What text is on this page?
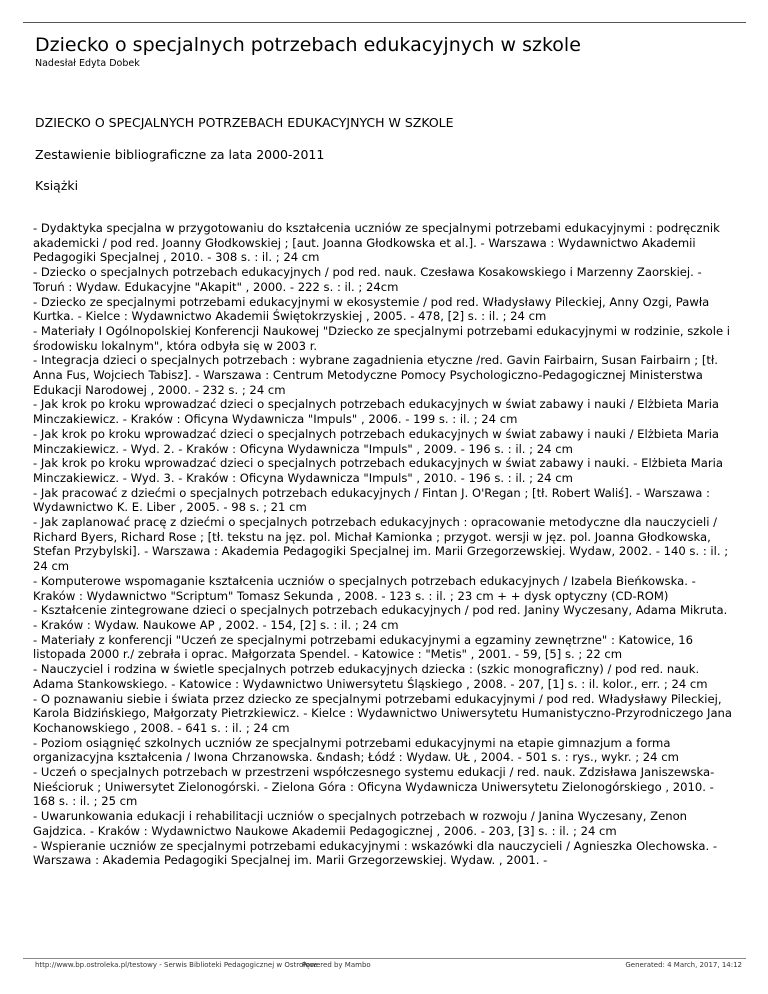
Dziecko o specjalnych potrzebach edukacyjnych w szkole
Nadesłał Edyta Dobek
DZIECKO O SPECJALNYCH POTRZEBACH EDUKACYJNYCH W SZKOLE
Zestawienie bibliograficzne za lata 2000-2011
Książki
- Dydaktyka specjalna w przygotowaniu do kształcenia uczniów ze specjalnymi potrzebami edukacyjnymi : podręcznik akademicki / pod red. Joanny Głodkowskiej ; [aut. Joanna Głodkowska et al.]. - Warszawa : Wydawnictwo Akademii Pedagogiki Specjalnej , 2010. - 308 s. : il. ; 24 cm
- Dziecko o specjalnych potrzebach edukacyjnych / pod red. nauk. Czesława Kosakowskiego i Marzenny Zaorskiej. - Toruń : Wydaw. Edukacyjne "Akapit" , 2000. - 222 s. : il. ; 24cm
- Dziecko ze specjalnymi potrzebami edukacyjnymi w ekosystemie / pod red. Władysławy Pileckiej, Anny Ozgi, Pawła Kurtka. - Kielce : Wydawnictwo Akademii Świętokrzyskiej , 2005. - 478, [2] s. : il. ; 24 cm
- Materiały I Ogólnopolskiej Konferencji Naukowej "Dziecko ze specjalnymi potrzebami edukacyjnymi w rodzinie, szkole i środowisku lokalnym", która odbyła się w 2003 r.
- Integracja dzieci o specjalnych potrzebach : wybrane zagadnienia etyczne /red. Gavin Fairbairn, Susan Fairbairn ; [tł. Anna Fus, Wojciech Tabisz]. - Warszawa : Centrum Metodyczne Pomocy Psychologiczno-Pedagogicznej Ministerstwa Edukacji Narodowej , 2000. - 232 s. ; 24 cm
- Jak krok po kroku wprowadzać dzieci o specjalnych potrzebach edukacyjnych w świat zabawy i nauki / Elżbieta Maria Minczakiewicz. - Kraków : Oficyna Wydawnicza "Impuls" , 2006. - 199 s. : il. ; 24 cm
- Jak krok po kroku wprowadzać dzieci o specjalnych potrzebach edukacyjnych w świat zabawy i nauki / Elżbieta Maria Minczakiewicz. - Wyd. 2. - Kraków : Oficyna Wydawnicza "Impuls" , 2009. - 196 s. : il. ; 24 cm
- Jak krok po kroku wprowadzać dzieci o specjalnych potrzebach edukacyjnych w świat zabawy i nauki. - Elżbieta Maria Minczakiewicz. - Wyd. 3. - Kraków : Oficyna Wydawnicza "Impuls" , 2010. - 196 s. : il. ; 24 cm
- Jak pracować z dziećmi o specjalnych potrzebach edukacyjnych / Fintan J. O'Regan ; [tł. Robert Waliś]. - Warszawa : Wydawnictwo K. E. Liber , 2005. - 98 s. ; 21 cm
- Jak zaplanować pracę z dziećmi o specjalnych potrzebach edukacyjnych : opracowanie metodyczne dla nauczycieli / Richard Byers, Richard Rose ; [tł. tekstu na jęz. pol. Michał Kamionka ; przygot. wersji w jęz. pol. Joanna Głodkowska, Stefan Przybylski]. - Warszawa : Akademia Pedagogiki Specjalnej im. Marii Grzegorzewskiej. Wydaw, 2002. - 140 s. : il. ; 24 cm
- Komputerowe wspomaganie kształcenia uczniów o specjalnych potrzebach edukacyjnych / Izabela Bieńkowska. - Kraków : Wydawnictwo "Scriptum" Tomasz Sekunda , 2008. - 123 s. : il. ; 23 cm + + dysk optyczny (CD-ROM)
- Kształcenie zintegrowane dzieci o specjalnych potrzebach edukacyjnych / pod red. Janiny Wyczesany, Adama Mikruta. - Kraków : Wydaw. Naukowe AP , 2002. - 154, [2] s. : il. ; 24 cm
- Materiały z konferencji "Uczeń ze specjalnymi potrzebami edukacyjnymi a egzaminy zewnętrzne" : Katowice, 16 listopada 2000 r./ zebrała i oprac. Małgorzata Spendel. - Katowice : "Metis" , 2001. - 59, [5] s. ; 22 cm
- Nauczyciel i rodzina w świetle specjalnych potrzeb edukacyjnych dziecka : (szkic monograficzny) / pod red. nauk. Adama Stankowskiego. - Katowice : Wydawnictwo Uniwersytetu Śląskiego , 2008. - 207, [1] s. : il. kolor., err. ; 24 cm
- O poznawaniu siebie i świata przez dziecko ze specjalnymi potrzebami edukacyjnymi / pod red. Władysławy Pileckiej, Karola Bidzińskiego, Małgorzaty Pietrzkiewicz. - Kielce : Wydawnictwo Uniwersytetu Humanistyczno-Przyrodniczego Jana Kochanowskiego , 2008. - 641 s. : il. ; 24 cm
- Poziom osiągnięć szkolnych uczniów ze specjalnymi potrzebami edukacyjnymi na etapie gimnazjum a forma organizacyjna kształcenia / Iwona Chrzanowska. &ndash; Łódź : Wydaw. UŁ , 2004. - 501 s. : rys., wykr. ; 24 cm
- Uczeń o specjalnych potrzebach w przestrzeni współczesnego systemu edukacji / red. nauk. Zdzisława Janiszewska-Nieścioruk ; Uniwersytet Zielonogórski. - Zielona Góra : Oficyna Wydawnicza Uniwersytetu Zielonogórskiego , 2010. - 168 s. : il. ; 25 cm
- Uwarunkowania edukacji i rehabilitacji uczniów o specjalnych potrzebach w rozwoju / Janina Wyczesany, Zenon Gajdzica. - Kraków : Wydawnictwo Naukowe Akademii Pedagogicznej , 2006. - 203, [3] s. : il. ; 24 cm
- Wspieranie uczniów ze specjalnymi potrzebami edukacyjnymi : wskazówki dla nauczycieli / Agnieszka Olechowska. - Warszawa : Akademia Pedagogiki Specjalnej im. Marii Grzegorzewskiej. Wydaw. , 2001. -
http://www.bp.ostroleka.pl/testowy - Serwis Biblioteki Pedagogicznej w Ostrołęce
Powered by Mambo	Generated: 4 March, 2017, 14:12
